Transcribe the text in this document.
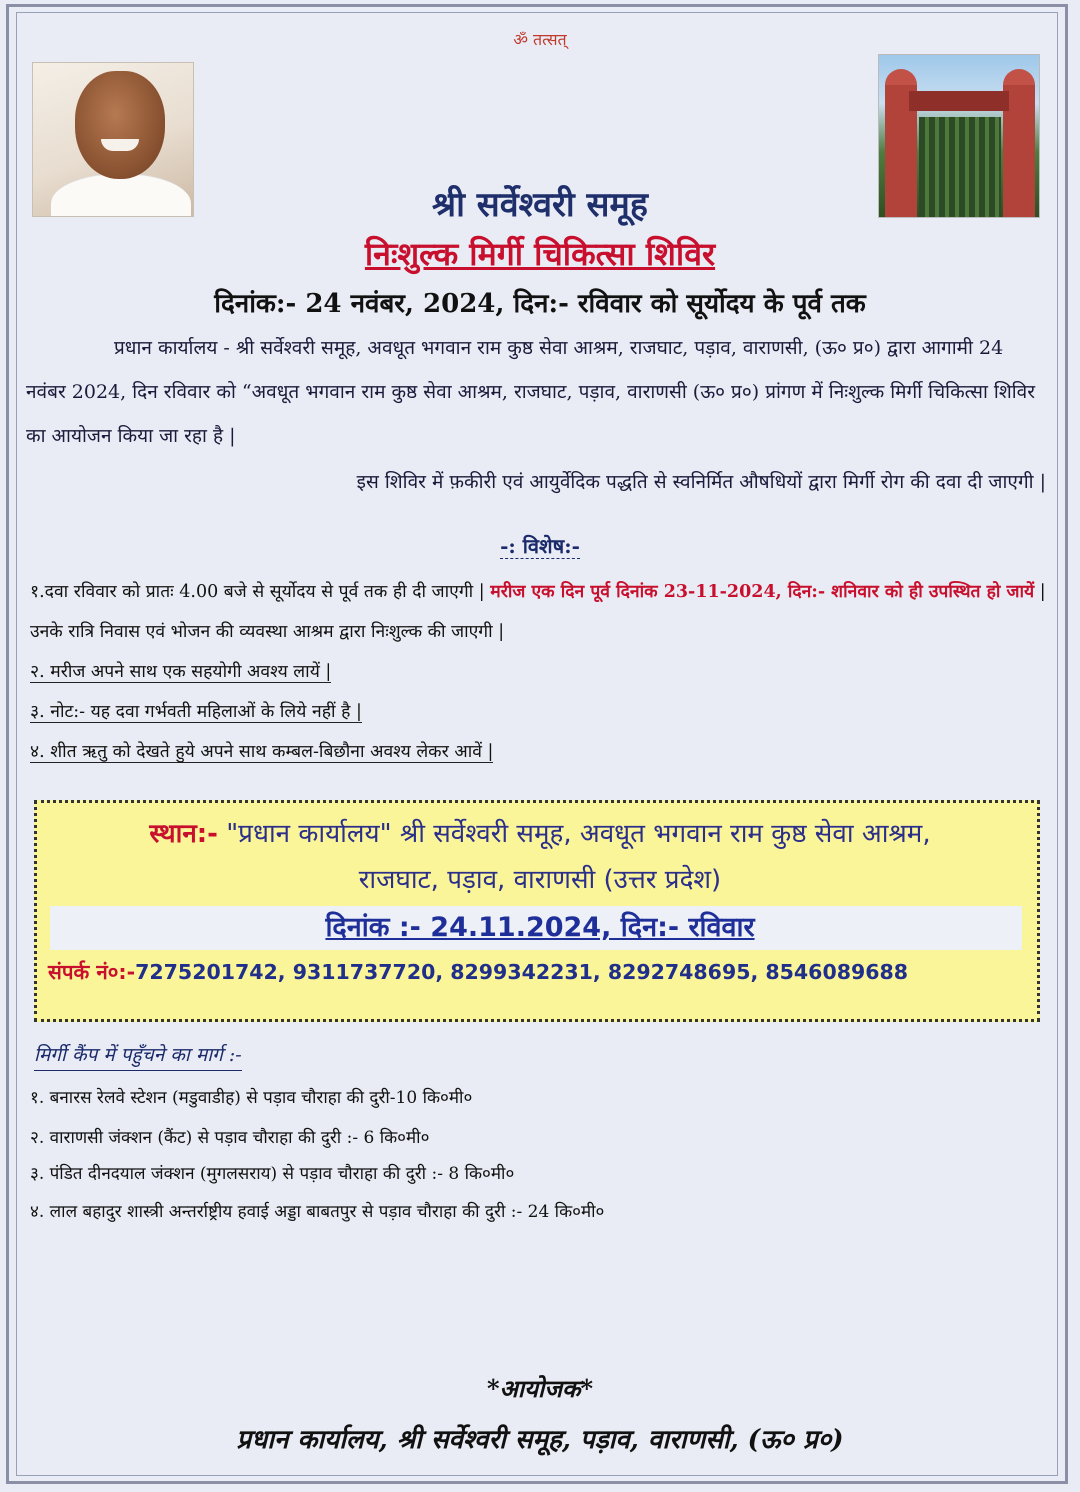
ॐ तत्सत्
श्री सर्वेश्वरी समूह
निःशुल्क मिर्गी चिकित्सा शिविर
दिनांक:- 24 नवंबर, 2024, दिन:- रविवार को सूर्योदय के पूर्व तक
प्रधान कार्यालय - श्री सर्वेश्वरी समूह, अवधूत भगवान राम कुष्ठ सेवा आश्रम, राजघाट, पड़ाव, वाराणसी, (ऊ० प्र०) द्वारा आगामी 24 नवंबर 2024, दिन रविवार को “अवधूत भगवान राम कुष्ठ सेवा आश्रम, राजघाट, पड़ाव, वाराणसी (ऊ० प्र०) प्रांगण में निःशुल्क मिर्गी चिकित्सा शिविर का आयोजन किया जा रहा है |
इस शिविर में फ़कीरी एवं आयुर्वेदिक पद्धति से स्वनिर्मित औषधियों द्वारा मिर्गी रोग की दवा दी जाएगी |
-: विशेष:-
१.दवा रविवार को प्रातः 4.00 बजे से सूर्योदय से पूर्व तक ही दी जाएगी | मरीज एक दिन पूर्व दिनांक 23-11-2024, दिन:- शनिवार को ही उपस्थित हो जायें | उनके रात्रि निवास एवं भोजन की व्यवस्था आश्रम द्वारा निःशुल्क की जाएगी |
२. मरीज अपने साथ एक सहयोगी अवश्य लायें |
३. नोट:- यह दवा गर्भवती महिलाओं के लिये नहीं है |
४. शीत ऋतु को देखते हुये अपने साथ कम्बल-बिछौना अवश्य लेकर आवें |
स्थान:- "प्रधान कार्यालय" श्री सर्वेश्वरी समूह, अवधूत भगवान राम कुष्ठ सेवा आश्रम,
राजघाट, पड़ाव, वाराणसी (उत्तर प्रदेश)
दिनांक :- 24.11.2024, दिन:- रविवार
संपर्क नं०:-7275201742, 9311737720, 8299342231, 8292748695, 8546089688
मिर्गी कैंप में पहुँचने का मार्ग :-
१. बनारस रेलवे स्टेशन (मडुवाडीह) से पड़ाव चौराहा की दुरी-10 कि०मी०
२. वाराणसी जंक्शन (कैंट) से पड़ाव चौराहा की दुरी :- 6 कि०मी०
३. पंडित दीनदयाल जंक्शन (मुगलसराय) से पड़ाव चौराहा की दुरी :- 8 कि०मी०
४. लाल बहादुर शास्त्री अन्तर्राष्ट्रीय हवाई अड्डा बाबतपुर से पड़ाव चौराहा की दुरी :- 24 कि०मी०
*आयोजक*
प्रधान कार्यालय, श्री सर्वेश्वरी समूह, पड़ाव, वाराणसी, (ऊ० प्र०)
